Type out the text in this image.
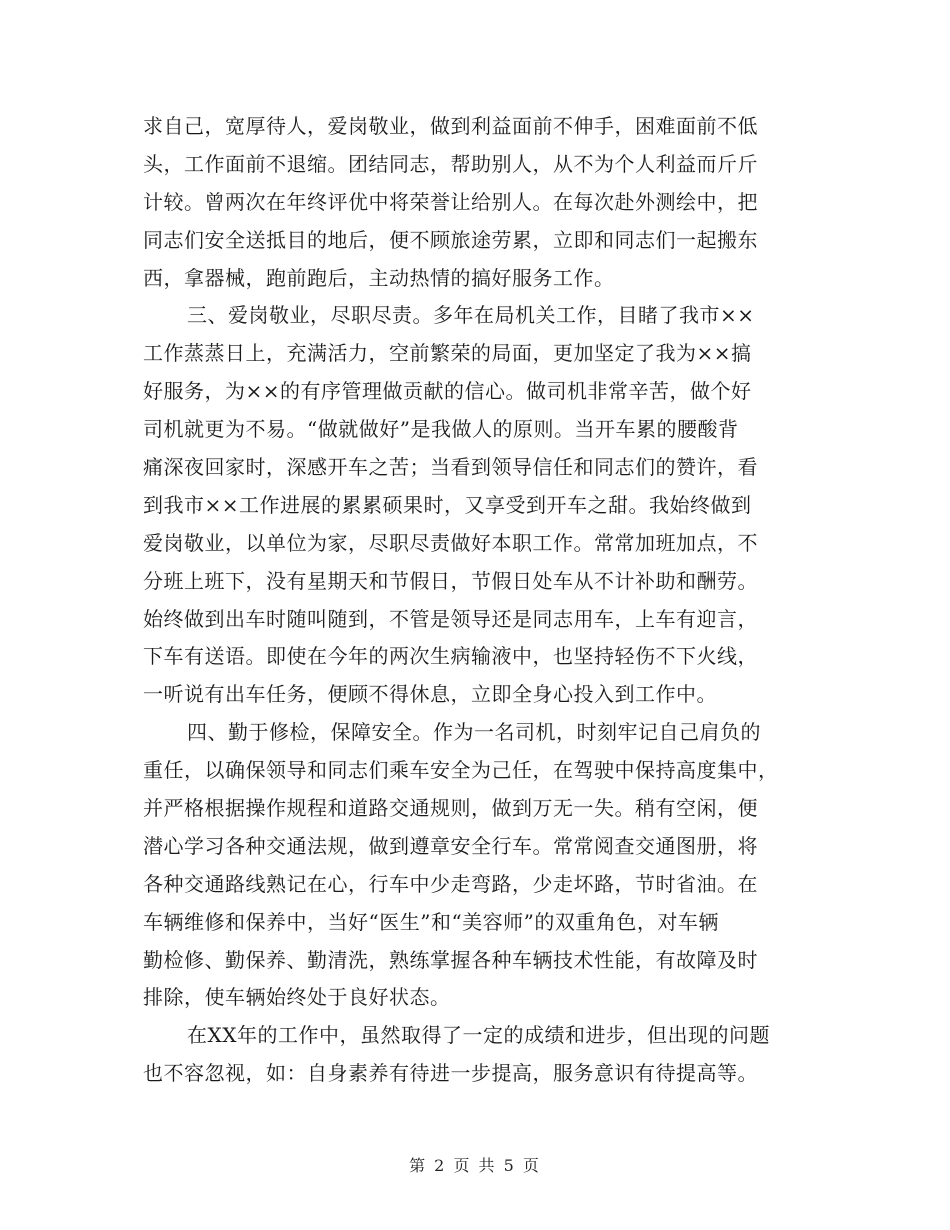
求自己，宽厚待人，爱岗敬业，做到利益面前不伸手，困难面前不低
头，工作面前不退缩。团结同志，帮助别人，从不为个人利益而斤斤
计较。曾两次在年终评优中将荣誉让给别人。在每次赴外测绘中，把
同志们安全送抵目的地后，便不顾旅途劳累，立即和同志们一起搬东
西，拿器械，跑前跑后，主动热情的搞好服务工作。

三、爱岗敬业，尽职尽责。多年在局机关工作，目睹了我市××
工作蒸蒸日上，充满活力，空前繁荣的局面，更加坚定了我为××搞
好服务，为××的有序管理做贡献的信心。做司机非常辛苦，做个好
司机就更为不易。“做就做好”是我做人的原则。当开车累的腰酸背
痛深夜回家时，深感开车之苦；当看到领导信任和同志们的赞许，看
到我市××工作进展的累累硕果时，又享受到开车之甜。我始终做到
爱岗敬业，以单位为家，尽职尽责做好本职工作。常常加班加点，不
分班上班下，没有星期天和节假日，节假日处车从不计补助和酬劳。
始终做到出车时随叫随到，不管是领导还是同志用车，上车有迎言，
下车有送语。即使在今年的两次生病输液中，也坚持轻伤不下火线，
一听说有出车任务，便顾不得休息，立即全身心投入到工作中。

四、勤于修检，保障安全。作为一名司机，时刻牢记自己肩负的
重任，以确保领导和同志们乘车安全为己任，在驾驶中保持高度集中，
并严格根据操作规程和道路交通规则，做到万无一失。稍有空闲，便
潜心学习各种交通法规，做到遵章安全行车。常常阅查交通图册，将
各种交通路线熟记在心，行车中少走弯路，少走坏路，节时省油。在
车辆维修和保养中，当好“医生”和“美容师”的双重角色，对车辆
勤检修、勤保养、勤清洗，熟练掌握各种车辆技术性能，有故障及时
排除，使车辆始终处于良好状态。

在XX年的工作中，虽然取得了一定的成绩和进步，但出现的问题
也不容忽视，如：自身素养有待进一步提高，服务意识有待提高等。

第 2 页 共 5 页
